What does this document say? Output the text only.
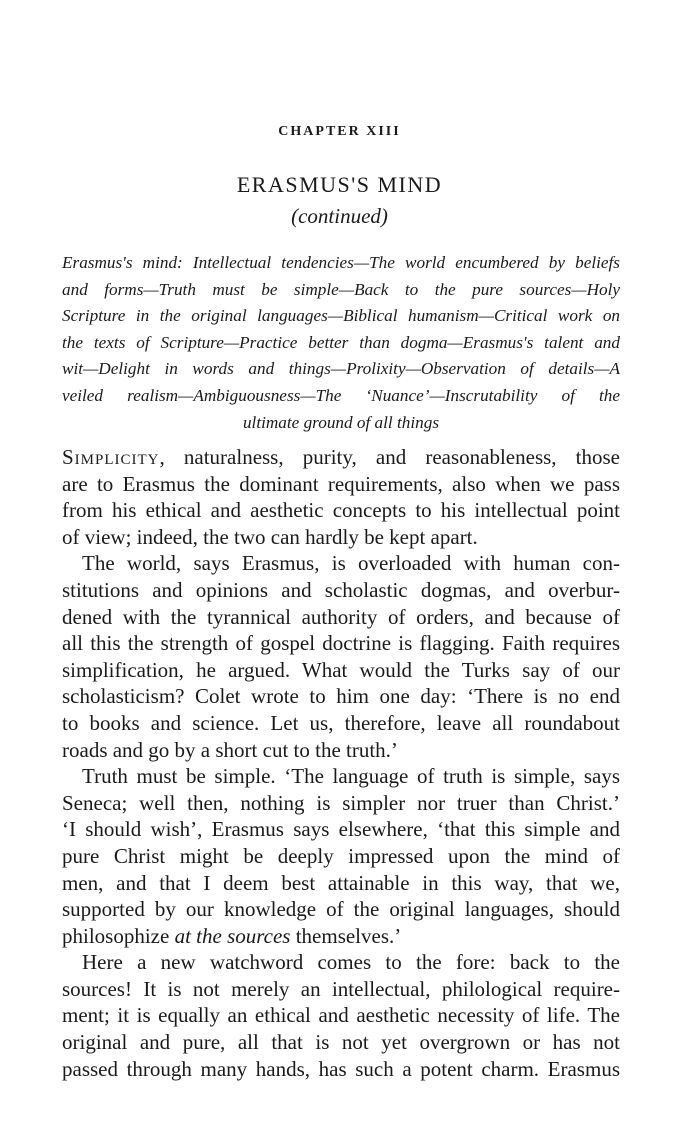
CHAPTER XIII
ERASMUS'S MIND
(continued)
Erasmus's mind: Intellectual tendencies—The world encumbered by beliefs
and forms—Truth must be simple—Back to the pure sources—Holy
Scripture in the original languages—Biblical humanism—Critical work on
the texts of Scripture—Practice better than dogma—Erasmus's talent and
wit—Delight in words and things—Prolixity—Observation of details—A
veiled realism—Ambiguousness—The ‘Nuance’—Inscrutability of the
ultimate ground of all things
Simplicity, naturalness, purity, and reasonableness, those
are to Erasmus the dominant requirements, also when we pass
from his ethical and aesthetic concepts to his intellectual point
of view; indeed, the two can hardly be kept apart.
The world, says Erasmus, is overloaded with human con-
stitutions and opinions and scholastic dogmas, and overbur-
dened with the tyrannical authority of orders, and because of
all this the strength of gospel doctrine is flagging. Faith requires
simplification, he argued. What would the Turks say of our
scholasticism? Colet wrote to him one day: ‘There is no end
to books and science. Let us, therefore, leave all roundabout
roads and go by a short cut to the truth.’
Truth must be simple. ‘The language of truth is simple, says
Seneca; well then, nothing is simpler nor truer than Christ.’
‘I should wish’, Erasmus says elsewhere, ‘that this simple and
pure Christ might be deeply impressed upon the mind of
men, and that I deem best attainable in this way, that we,
supported by our knowledge of the original languages, should
philosophize at the sources themselves.’
Here a new watchword comes to the fore: back to the
sources! It is not merely an intellectual, philological require-
ment; it is equally an ethical and aesthetic necessity of life. The
original and pure, all that is not yet overgrown or has not
passed through many hands, has such a potent charm. Erasmus
